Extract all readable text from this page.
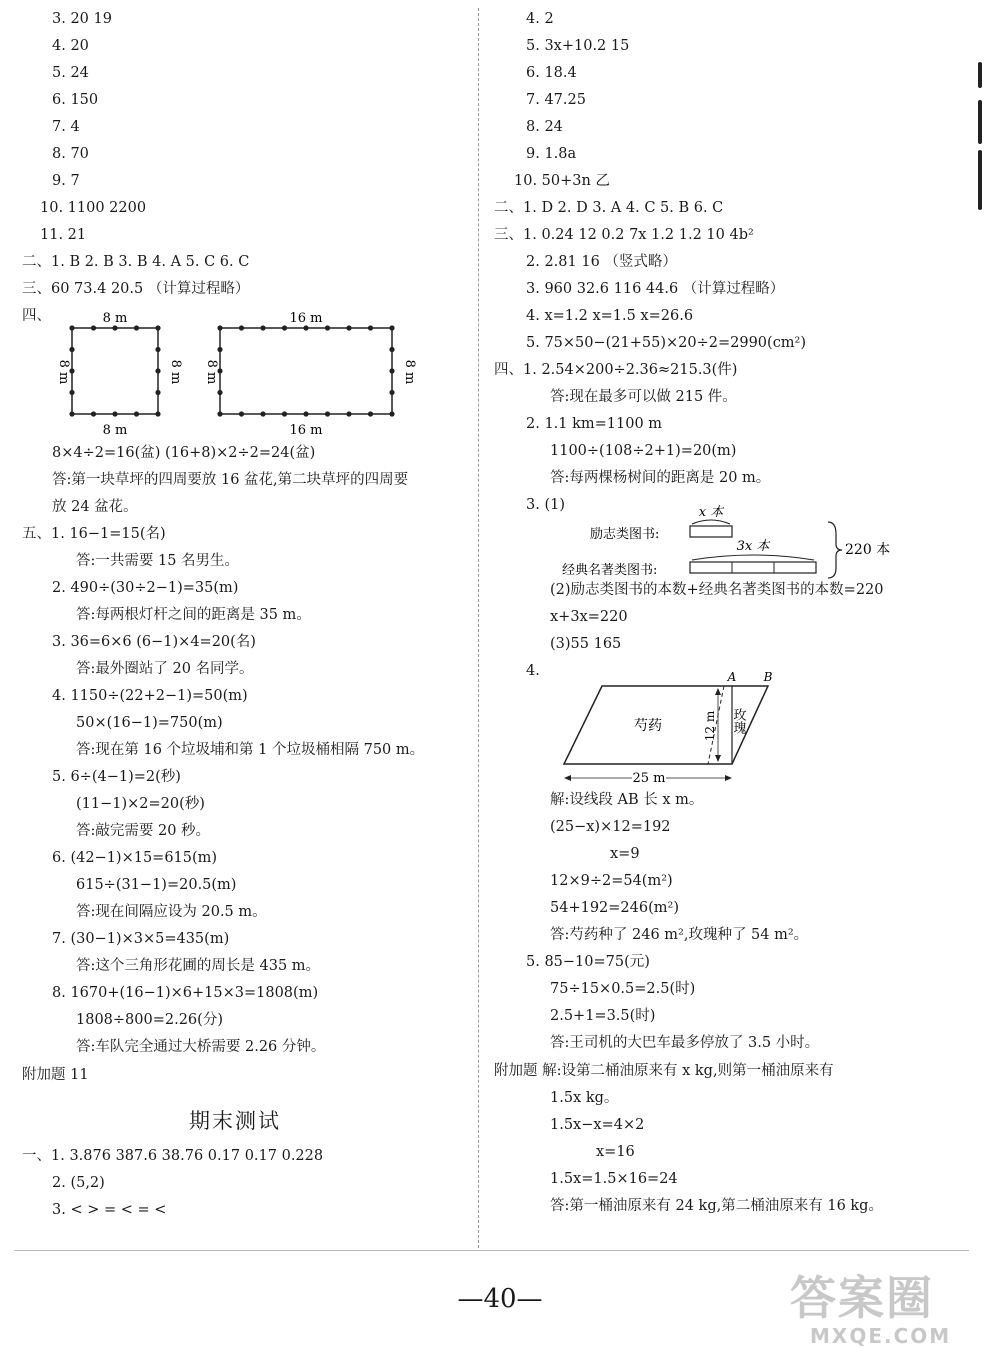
3. 20 19
4. 20
5. 24
6. 150
7. 4
8. 70
9. 7
10. 1100 2200
11. 21
二、1. B 2. B 3. B 4. A 5. C 6. C
三、60 73.4 20.5 （计算过程略）
四、
8×4÷2=16(盆) (16+8)×2÷2=24(盆)
答:第一块草坪的四周要放 16 盆花,第二块草坪的四周要
放 24 盆花。
五、1. 16−1=15(名)
答:一共需要 15 名男生。
2. 490÷(30÷2−1)=35(m)
答:每两根灯杆之间的距离是 35 m。
3. 36=6×6 (6−1)×4=20(名)
答:最外圈站了 20 名同学。
4. 1150÷(22+2−1)=50(m)
50×(16−1)=750(m)
答:现在第 16 个垃圾埔和第 1 个垃圾桶相隔 750 m。
5. 6÷(4−1)=2(秒)
(11−1)×2=20(秒)
答:敲完需要 20 秒。
6. (42−1)×15=615(m)
615÷(31−1)=20.5(m)
答:现在间隔应设为 20.5 m。
7. (30−1)×3×5=435(m)
答:这个三角形花圃的周长是 435 m。
8. 1670+(16−1)×6+15×3=1808(m)
1808÷800=2.26(分)
答:车队完全通过大桥需要 2.26 分钟。
附加题 11
一、1. 3.876 387.6 38.76 0.17 0.17 0.228
2. (5,2)
3. < > = < = <
4. 2
5. 3x+10.2 15
6. 18.4
7. 47.25
8. 24
9. 1.8a
10. 50+3n 乙
二、1. D 2. D 3. A 4. C 5. B 6. C
三、1. 0.24 12 0.2 7x 1.2 1.2 10 4b²
2. 2.81 16 （竖式略）
3. 960 32.6 116 44.6 （计算过程略）
4. x=1.2 x=1.5 x=26.6
5. 75×50−(21+55)×20÷2=2990(cm²)
四、1. 2.54×200÷2.36≈215.3(件)
答:现在最多可以做 215 件。
2. 1.1 km=1100 m
1100÷(108÷2+1)=20(m)
答:每两棵杨树间的距离是 20 m。
3. (1)
(2)励志类图书的本数+经典名著类图书的本数=220
x+3x=220
(3)55 165
4.
解:设线段 AB 长 x m。
(25−x)×12=192
x=9
12×9÷2=54(m²)
54+192=246(m²)
答:芍药种了 246 m²,玫瑰种了 54 m²。
5. 85−10=75(元)
75÷15×0.5=2.5(时)
2.5+1=3.5(时)
答:王司机的大巴车最多停放了 3.5 小时。
附加题 解:设第二桶油原来有 x kg,则第一桶油原来有
1.5x kg。
1.5x−x=4×2
x=16
1.5x=1.5×16=24
答:第一桶油原来有 24 kg,第二桶油原来有 16 kg。
8 m
8 m
8 m	8 m
16 m
16 m
8 m	8 m
励志类图书:
x 本
经典名著类图书:
3x 本	220 本
12 m
A B
玫瑰
芍药
25 m
期末测试
—40—	答案圈
MXQE.COM
